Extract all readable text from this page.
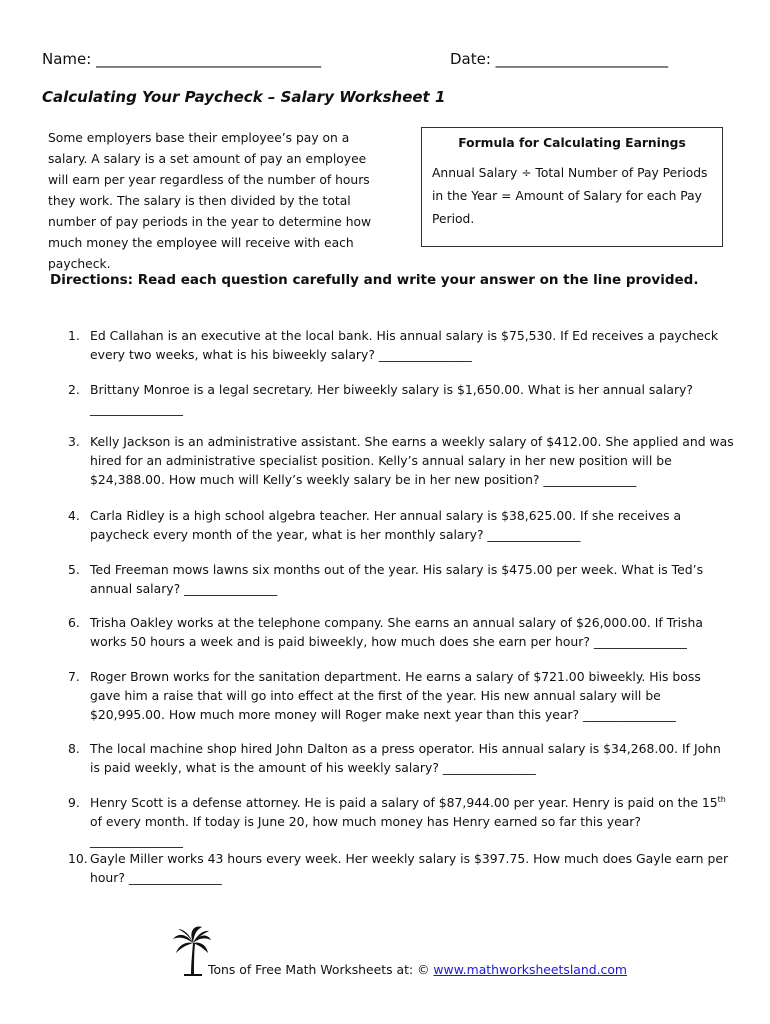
Name: ______________________________	Date: _______________________
Calculating Your Paycheck – Salary Worksheet 1
Some employers base their employee’s pay on a salary. A salary is a set amount of pay an employee will earn per year regardless of the number of hours they work. The salary is then divided by the total number of pay periods in the year to determine how much money the employee will receive with each paycheck.
Formula for Calculating Earnings
Annual Salary ÷ Total Number of Pay Periods in the Year = Amount of Salary for each Pay Period.
Directions: Read each question carefully and write your answer on the line provided.
1. Ed Callahan is an executive at the local bank. His annual salary is $75,530. If Ed receives a paycheck every two weeks, what is his biweekly salary? _______________
2. Brittany Monroe is a legal secretary. Her biweekly salary is $1,650.00. What is her annual salary? _______________
3. Kelly Jackson is an administrative assistant. She earns a weekly salary of $412.00. She applied and was hired for an administrative specialist position. Kelly’s annual salary in her new position will be $24,388.00. How much will Kelly’s weekly salary be in her new position? _______________
4. Carla Ridley is a high school algebra teacher. Her annual salary is $38,625.00. If she receives a paycheck every month of the year, what is her monthly salary? _______________
5. Ted Freeman mows lawns six months out of the year. His salary is $475.00 per week. What is Ted’s annual salary? _______________
6. Trisha Oakley works at the telephone company. She earns an annual salary of $26,000.00. If Trisha works 50 hours a week and is paid biweekly, how much does she earn per hour? _______________
7. Roger Brown works for the sanitation department. He earns a salary of $721.00 biweekly. His boss gave him a raise that will go into effect at the first of the year. His new annual salary will be $20,995.00. How much more money will Roger make next year than this year? _______________
8. The local machine shop hired John Dalton as a press operator. His annual salary is $34,268.00. If John is paid weekly, what is the amount of his weekly salary? _______________
9. Henry Scott is a defense attorney. He is paid a salary of $87,944.00 per year. Henry is paid on the 15th of every month. If today is June 20, how much money has Henry earned so far this year? _______________
10. Gayle Miller works 43 hours every week. Her weekly salary is $397.75. How much does Gayle earn per hour? _______________
Tons of Free Math Worksheets at: © www.mathworksheetsland.com
